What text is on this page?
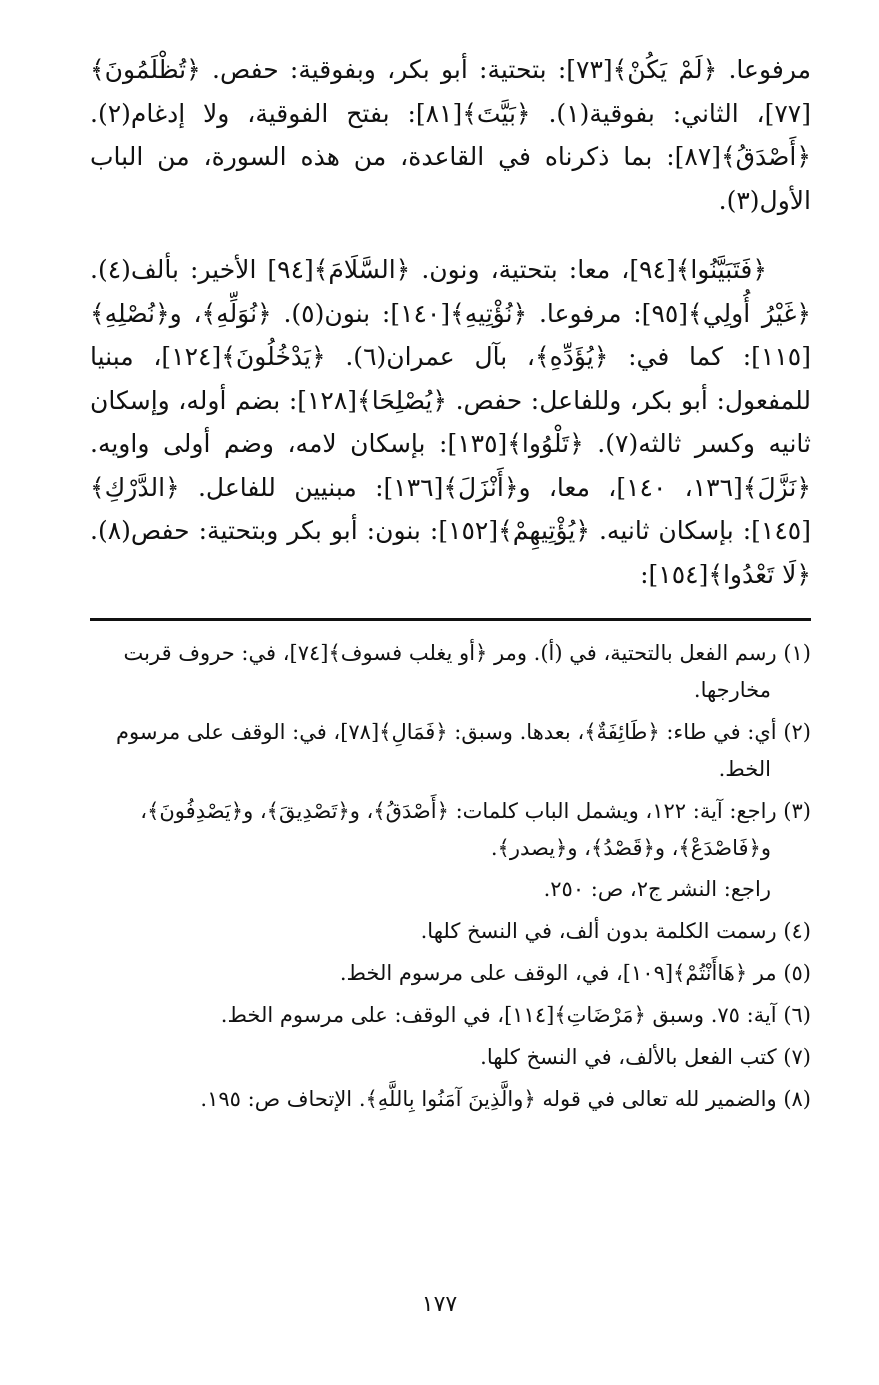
مرفوعا. ﴿لَمْ يَكُنْ﴾[٧٣]: بتحتية: أبو بكر، وبفوقية: حفص. ﴿تُظْلَمُونَ﴾[٧٧]، الثاني: بفوقية(١). ﴿بَيَّتَ﴾[٨١]: بفتح الفوقية، ولا إدغام(٢). ﴿أَصْدَقُ﴾[٨٧]: بما ذكرناه في القاعدة، من هذه السورة، من الباب الأول(٣).

﴿فَتَبَيَّنُوا﴾[٩٤]، معا: بتحتية، ونون. ﴿السَّلَامَ﴾[٩٤] الأخير: بألف(٤). ﴿غَيْرُ أُولِي﴾[٩٥]: مرفوعا. ﴿نُؤْتِيهِ﴾[١٤٠]: بنون(٥). ﴿نُوَلِّهِ﴾، و﴿نُصْلِهِ﴾[١١٥]: كما في: ﴿يُؤَدِّهِ﴾، بآل عمران(٦). ﴿يَدْخُلُونَ﴾[١٢٤]، مبنيا للمفعول: أبو بكر، وللفاعل: حفص. ﴿يُصْلِحَا﴾[١٢٨]: بضم أوله، وإسكان ثانيه وكسر ثالثه(٧). ﴿تَلْوُوا﴾[١٣٥]: بإسكان لامه، وضم أولى واويه. ﴿نَزَّلَ﴾[١٣٦، ١٤٠]، معا، و﴿أَنْزَلَ﴾[١٣٦]: مبنيين للفاعل. ﴿الدَّرْكِ﴾[١٤٥]: بإسكان ثانيه. ﴿يُؤْتِيهِمْ﴾[١٥٢]: بنون: أبو بكر وبتحتية: حفص(٨). ﴿لَا تَعْدُوا﴾[١٥٤]:

(١) رسم الفعل بالتحتية، في (أ). ومر ﴿أو يغلب فسوف﴾[٧٤]، في: حروف قربت مخارجها.

(٢) أي: في طاء: ﴿طَائِفَةٌ﴾، بعدها. وسبق: ﴿فَمَالِ﴾[٧٨]، في: الوقف على مرسوم الخط.

(٣) راجع: آية: ١٢٢، ويشمل الباب كلمات: ﴿أَصْدَقُ﴾، و﴿تَصْدِيقَ﴾، و﴿يَصْدِفُونَ﴾، و﴿فَاصْدَعْ﴾، و﴿قَصْدُ﴾، و﴿يصدر﴾.
راجع: النشر ج٢، ص: ٢٥٠.

(٤) رسمت الكلمة بدون ألف، في النسخ كلها.

(٥) مر ﴿هَاأَنْتُمْ﴾[١٠٩]، في، الوقف على مرسوم الخط.

(٦) آية: ٧٥. وسبق ﴿مَرْضَاتِ﴾[١١٤]، في الوقف: على مرسوم الخط.

(٧) كتب الفعل بالألف، في النسخ كلها.

(٨) والضمير لله تعالى في قوله ﴿والَّذِينَ آمَنُوا بِاللَّهِ﴾. الإتحاف ص: ١٩٥.

١٧٧
